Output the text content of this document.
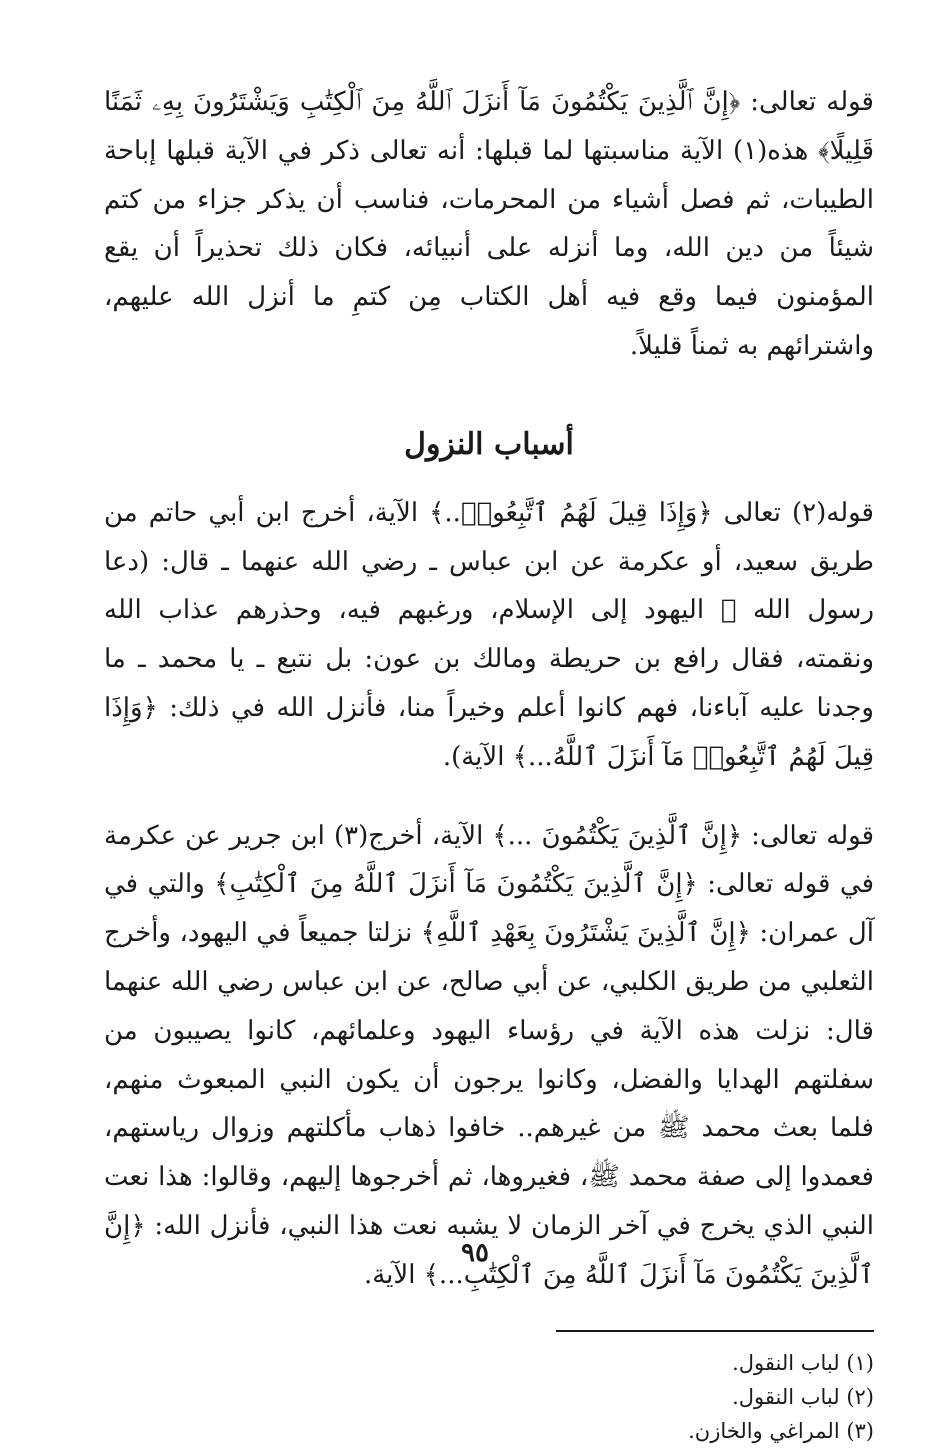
قوله تعالى: ﴿إِنَّ ٱلَّذِينَ يَكْتُمُونَ مَآ أَنزَلَ ٱللَّهُ مِنَ ٱلْكِتَٰبِ وَيَشْتَرُونَ بِهِۦ ثَمَنًا قَلِيلًا﴾ هذه(١) الآية مناسبتها لما قبلها: أنه تعالى ذكر في الآية قبلها إباحة الطيبات، ثم فصل أشياء من المحرمات، فناسب أن يذكر جزاء من كتم شيئاً من دين الله، وما أنزله على أنبيائه، فكان ذلك تحذيراً أن يقع المؤمنون فيما وقع فيه أهل الكتاب مِن كتمِ ما أنزل الله عليهم، واشترائهم به ثمناً قليلاً.

أسباب النزول

قوله(٢) تعالى ﴿وَإِذَا قِيلَ لَهُمُ ٱتَّبِعُوا۟..﴾ الآية، أخرج ابن أبي حاتم من طريق سعيد، أو عكرمة عن ابن عباس ـ رضي الله عنهما ـ قال: (دعا رسول الله ﷺ اليهود إلى الإسلام، ورغبهم فيه، وحذرهم عذاب الله ونقمته، فقال رافع بن حريطة ومالك بن عون: بل نتبع ـ يا محمد ـ ما وجدنا عليه آباءنا، فهم كانوا أعلم وخيراً منا، فأنزل الله في ذلك: ﴿وَإِذَا قِيلَ لَهُمُ ٱتَّبِعُوا۟ مَآ أَنزَلَ ٱللَّهُ...﴾ الآية).

قوله تعالى: ﴿إِنَّ ٱلَّذِينَ يَكْتُمُونَ ...﴾ الآية، أخرج(٣) ابن جرير عن عكرمة في قوله تعالى: ﴿إِنَّ ٱلَّذِينَ يَكْتُمُونَ مَآ أَنزَلَ ٱللَّهُ مِنَ ٱلْكِتَٰبِ﴾ والتي في آل عمران: ﴿إِنَّ ٱلَّذِينَ يَشْتَرُونَ بِعَهْدِ ٱللَّهِ﴾ نزلتا جميعاً في اليهود، وأخرج الثعلبي من طريق الكلبي، عن أبي صالح، عن ابن عباس رضي الله عنهما قال: نزلت هذه الآية في رؤساء اليهود وعلمائهم، كانوا يصيبون من سفلتهم الهدايا والفضل، وكانوا يرجون أن يكون النبي المبعوث منهم، فلما بعث محمد ﷺ من غيرهم.. خافوا ذهاب مأكلتهم وزوال رياستهم، فعمدوا إلى صفة محمد ﷺ، فغيروها، ثم أخرجوها إليهم، وقالوا: هذا نعت النبي الذي يخرج في آخر الزمان لا يشبه نعت هذا النبي، فأنزل الله: ﴿إِنَّ ٱلَّذِينَ يَكْتُمُونَ مَآ أَنزَلَ ٱللَّهُ مِنَ ٱلْكِتَٰبِ...﴾ الآية.

(١) لباب النقول.
(٢) لباب النقول.
(٣) المراغي والخازن.
٩٥
